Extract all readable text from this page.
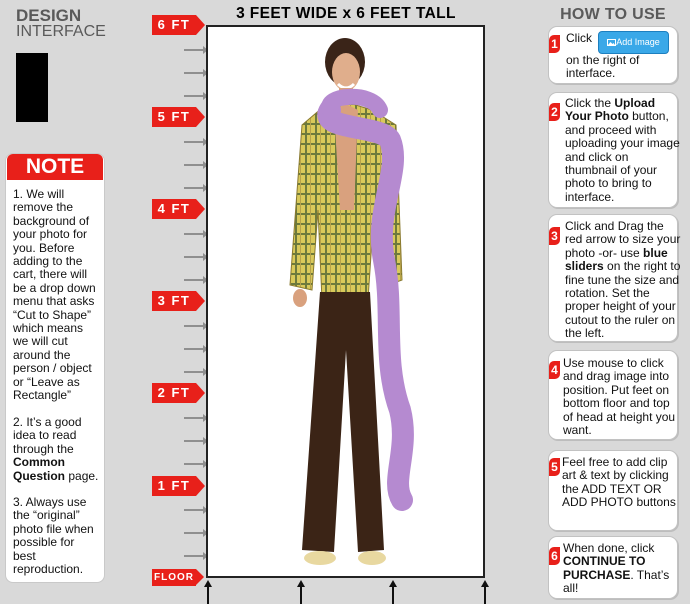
DESIGN
INTERFACE
NOTE
1. We will remove the background of your photo for you. Before adding to the cart, there will be a drop down menu that asks “Cut to Shape” which means we will cut around the person / object or “Leave as Rectangle”
2. It’s a good idea to read through the Common Question page.
3. Always use the “original” photo file when possible for best reproduction.
6 FT
5 FT
4 FT
3 FT
2 FT
1 FT
FLOOR
3 FEET WIDE x 6 FEET TALL	HOW TO USE
1 Click	Add Image
on the right of interface.
2
Click the Upload Your Photo button, and proceed with uploading your image and click on thumbnail of your photo to bring to interface.
3
Click and Drag the red arrow to size your photo -or- use blue sliders on the right to fine tune the size and rotation. Set the proper height of your cutout to the ruler on the left.
4 Use mouse to click and drag image into position. Put feet on bottom floor and top of head at height you want.
5 Feel free to add clip art & text by clicking the ADD TEXT OR ADD PHOTO buttons
6
When done, click CONTINUE TO PURCHASE. That’s all!
